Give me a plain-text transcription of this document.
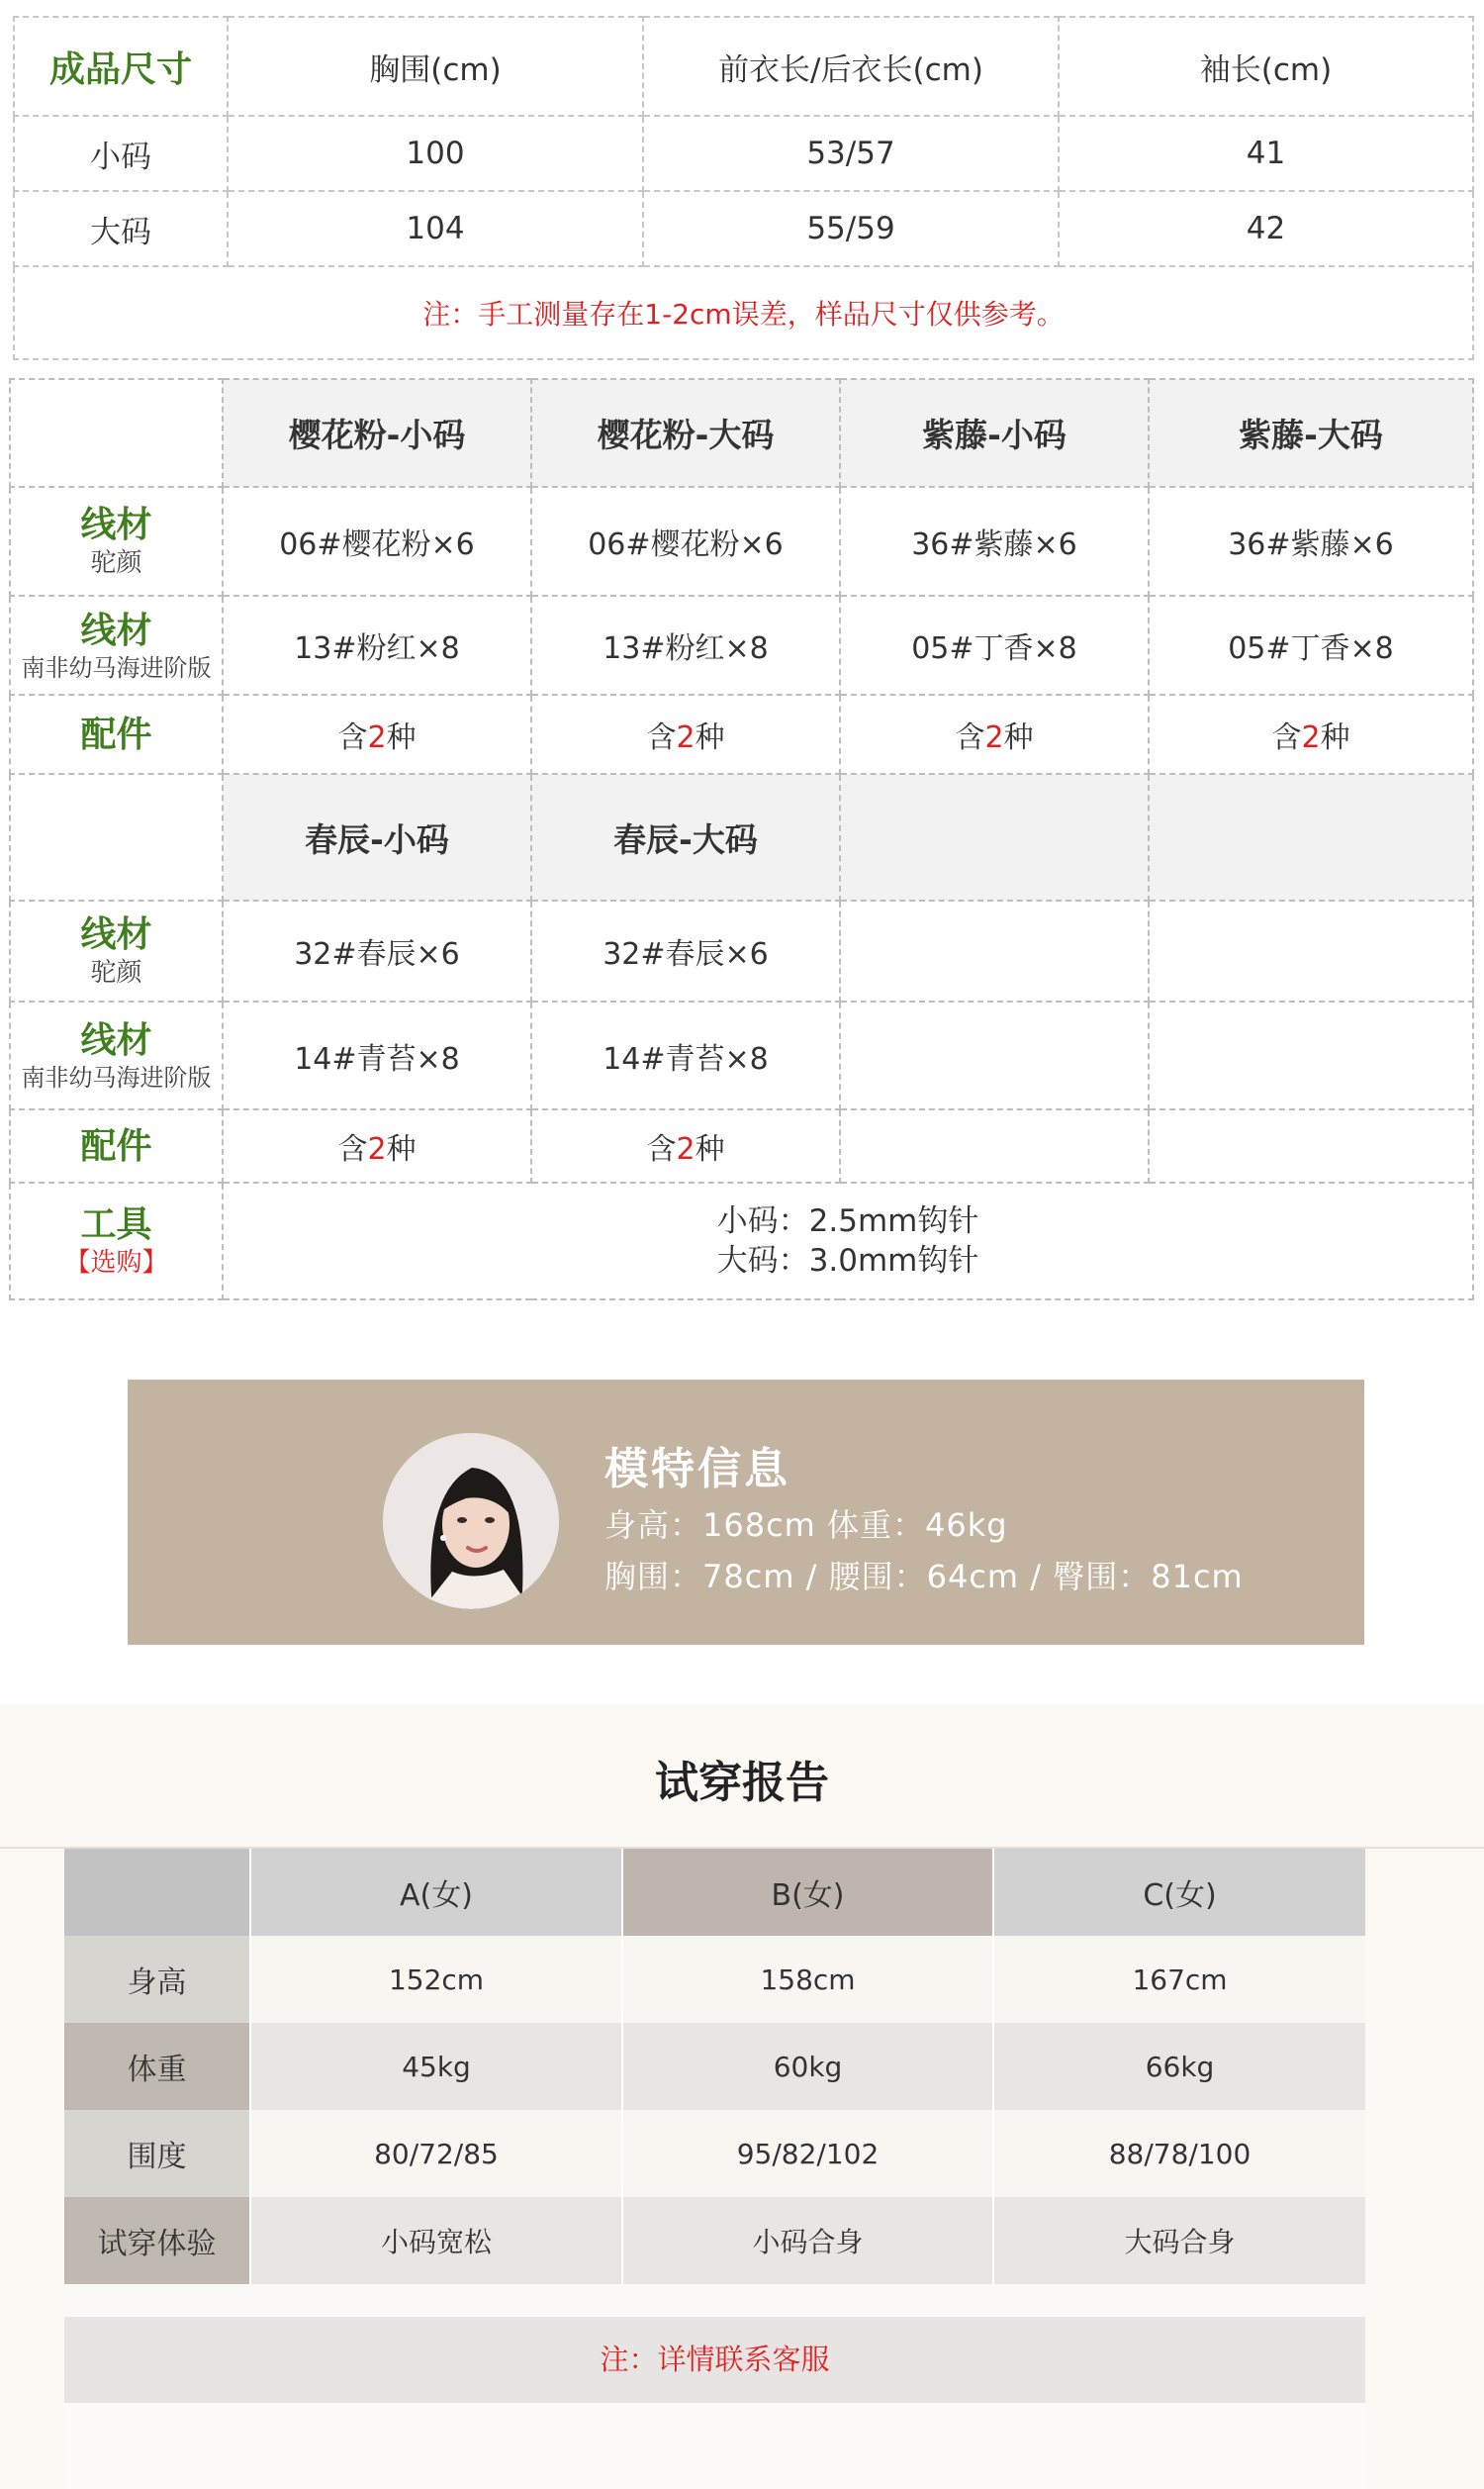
成品尺寸	胸围(cm)	前衣长/后衣长(cm)	袖长(cm)
小码	100	53/57	41
大码	104	55/59	42
注：手工测量存在1-2cm误差，样品尺寸仅供参考。			
	樱花粉-小码	樱花粉-大码	紫藤-小码	紫藤-大码

线材
驼颜	06#樱花粉×6	06#樱花粉×6	36#紫藤×6	36#紫藤×6

线材
南非幼马海进阶版	13#粉红×8	13#粉红×8	05#丁香×8	05#丁香×8

配件	含2种	含2种	含2种	含2种
	春辰-小码	春辰-大码		

线材
驼颜	32#春辰×6	32#春辰×6		

线材
南非幼马海进阶版	14#青苔×8	14#青苔×8		

配件	含2种	含2种		

工具
【选购】	小码：2.5mm钩针
大码：3.0mm钩针			
模特信息
身高：168cm 体重：46kg
胸围：78cm / 腰围：64cm / 臀围：81cm
试穿报告
	A(女)	B(女)	C(女)
身高	152cm	158cm	167cm
体重	45kg	60kg	66kg
围度	80/72/85	95/82/102	88/78/100
试穿体验	小码宽松	小码合身	大码合身
注：详情联系客服
